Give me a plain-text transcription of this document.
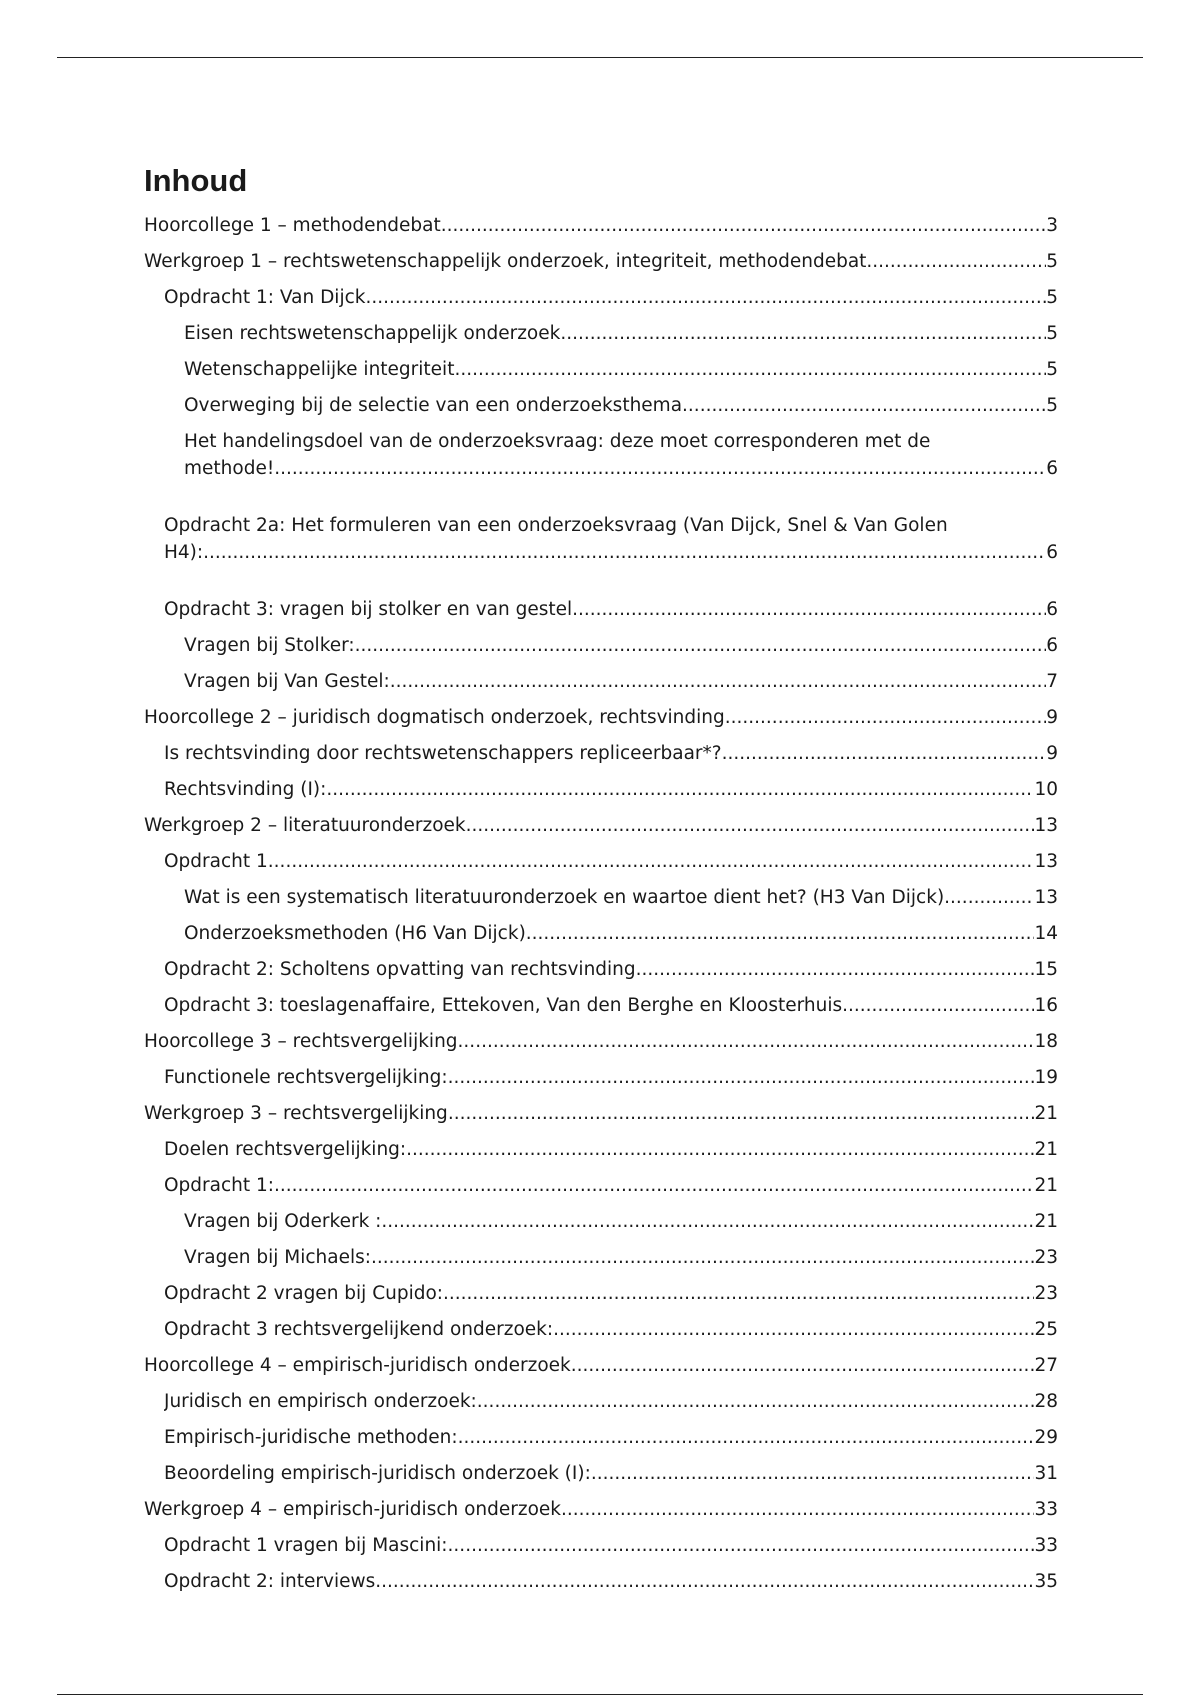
Inhoud
Hoorcollege 1 – methodendebat .....	3
Werkgroep 1 – rechtswetenschappelijk onderzoek, integriteit, methodendebat .....	5
Opdracht 1: Van Dijck .....	5
Eisen rechtswetenschappelijk onderzoek .....	5
Wetenschappelijke integriteit .....	5
Overweging bij de selectie van een onderzoeksthema .....	5
Het handelingsdoel van de onderzoeksvraag: deze moet corresponderen met de
methode! .....	6
Opdracht 2a: Het formuleren van een onderzoeksvraag (Van Dijck, Snel & Van Golen
H4): .....	6
Opdracht 3: vragen bij stolker en van gestel .....	6
Vragen bij Stolker: .....	6
Vragen bij Van Gestel: .....	7
Hoorcollege 2 – juridisch dogmatisch onderzoek, rechtsvinding .....	9
Is rechtsvinding door rechtswetenschappers repliceerbaar*? .....	9
Rechtsvinding (I): .....	10
Werkgroep 2 – literatuuronderzoek .....	13
Opdracht 1 .....	13
Wat is een systematisch literatuuronderzoek en waartoe dient het? (H3 Van Dijck). .....	13
Onderzoeksmethoden (H6 Van Dijck) .....	14
Opdracht 2: Scholtens opvatting van rechtsvinding .....	15
Opdracht 3: toeslagenaffaire, Ettekoven, Van den Berghe en Kloosterhuis .....	16
Hoorcollege 3 – rechtsvergelijking .....	18
Functionele rechtsvergelijking: .....	19
Werkgroep 3 – rechtsvergelijking .....	21
Doelen rechtsvergelijking: .....	21
Opdracht 1: .....	21
Vragen bij Oderkerk : .....	21
Vragen bij Michaels: .....	23
Opdracht 2 vragen bij Cupido: .....	23
Opdracht 3 rechtsvergelijkend onderzoek: .....	25
Hoorcollege 4 – empirisch-juridisch onderzoek .....	27
Juridisch en empirisch onderzoek: .....	28
Empirisch-juridische methoden: .....	29
Beoordeling empirisch-juridisch onderzoek (I): .....	31
Werkgroep 4 – empirisch-juridisch onderzoek .....	33
Opdracht 1 vragen bij Mascini: .....	33
Opdracht 2: interviews .....	35
